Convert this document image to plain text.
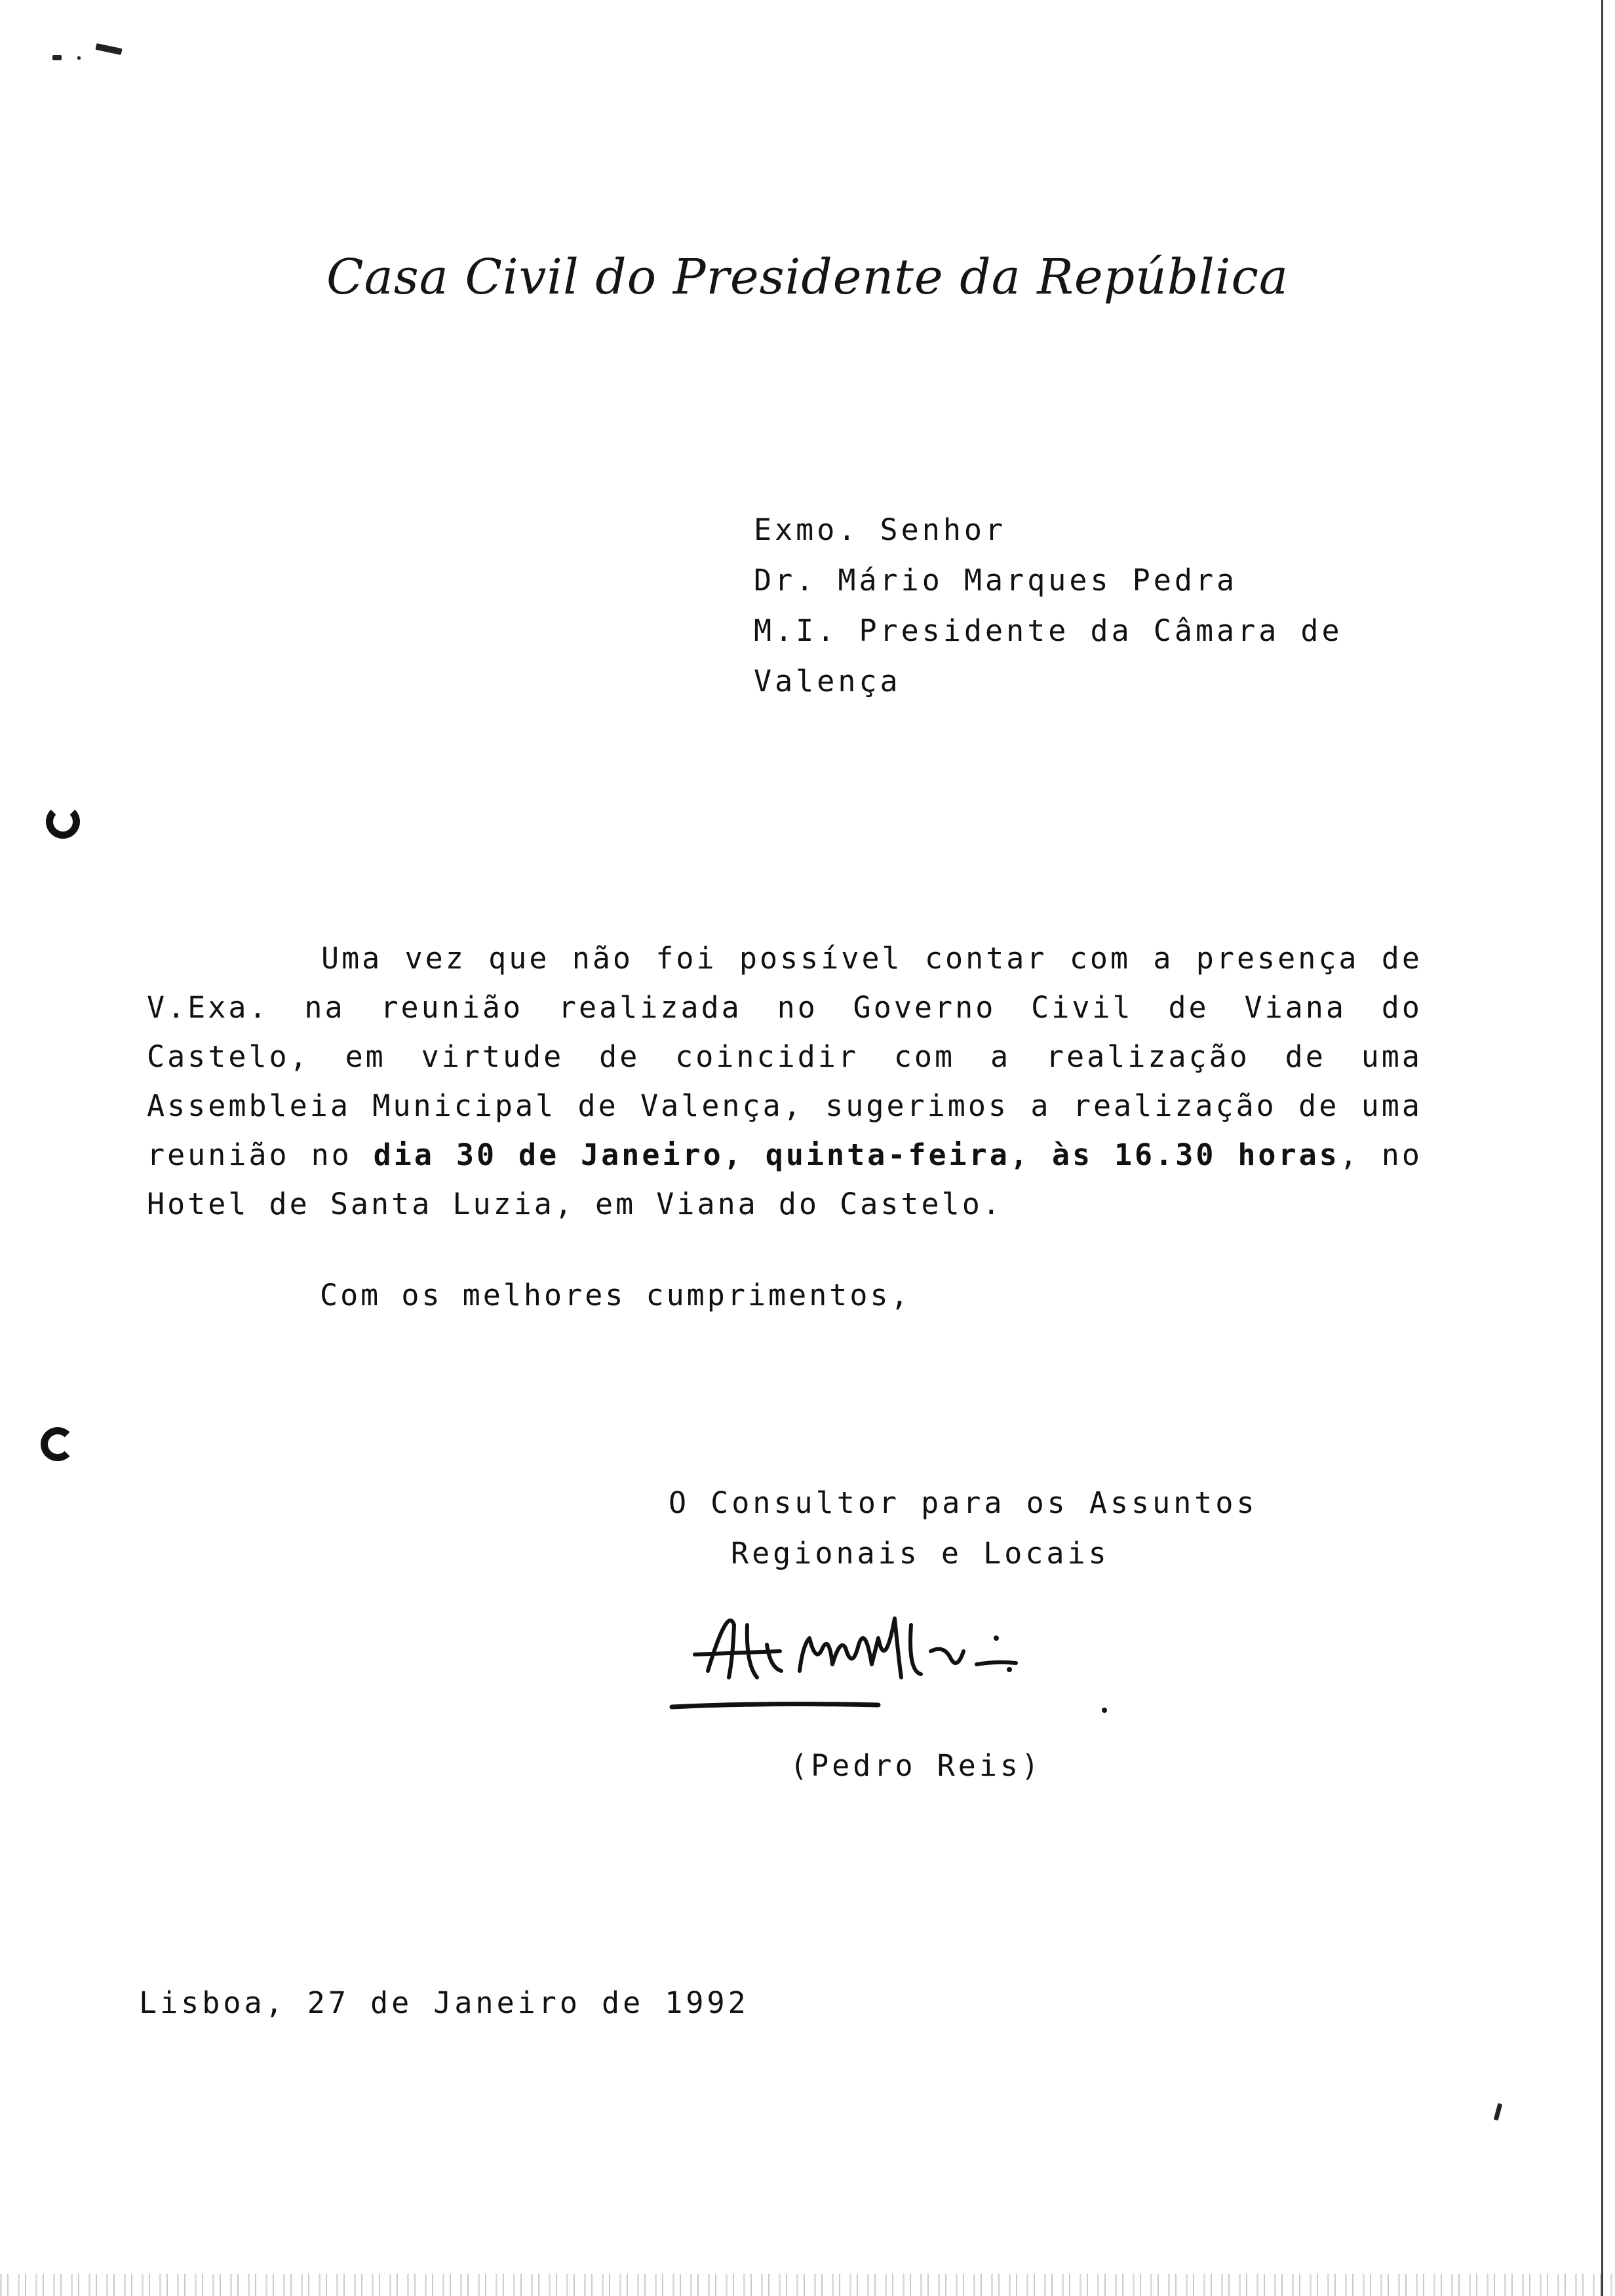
Casa Civil do Presidente da República
Exmo. Senhor
Dr. Mário Marques Pedra
M.I. Presidente da Câmara de
Valença

Uma vez que não foi possível contar com a presença de V.Exa. na reunião realizada no Governo Civil de Viana do Castelo, em virtude de coincidir com a realização de uma Assembleia Municipal de Valença, sugerimos a realização de uma reunião no dia 30 de Janeiro, quinta-feira, às 16.30 horas, no Hotel de Santa Luzia, em Viana do Castelo.

Com os melhores cumprimentos,
O Consultor para os Assuntos
Regionais e Locais
(Pedro Reis)
Lisboa, 27 de Janeiro de 1992
